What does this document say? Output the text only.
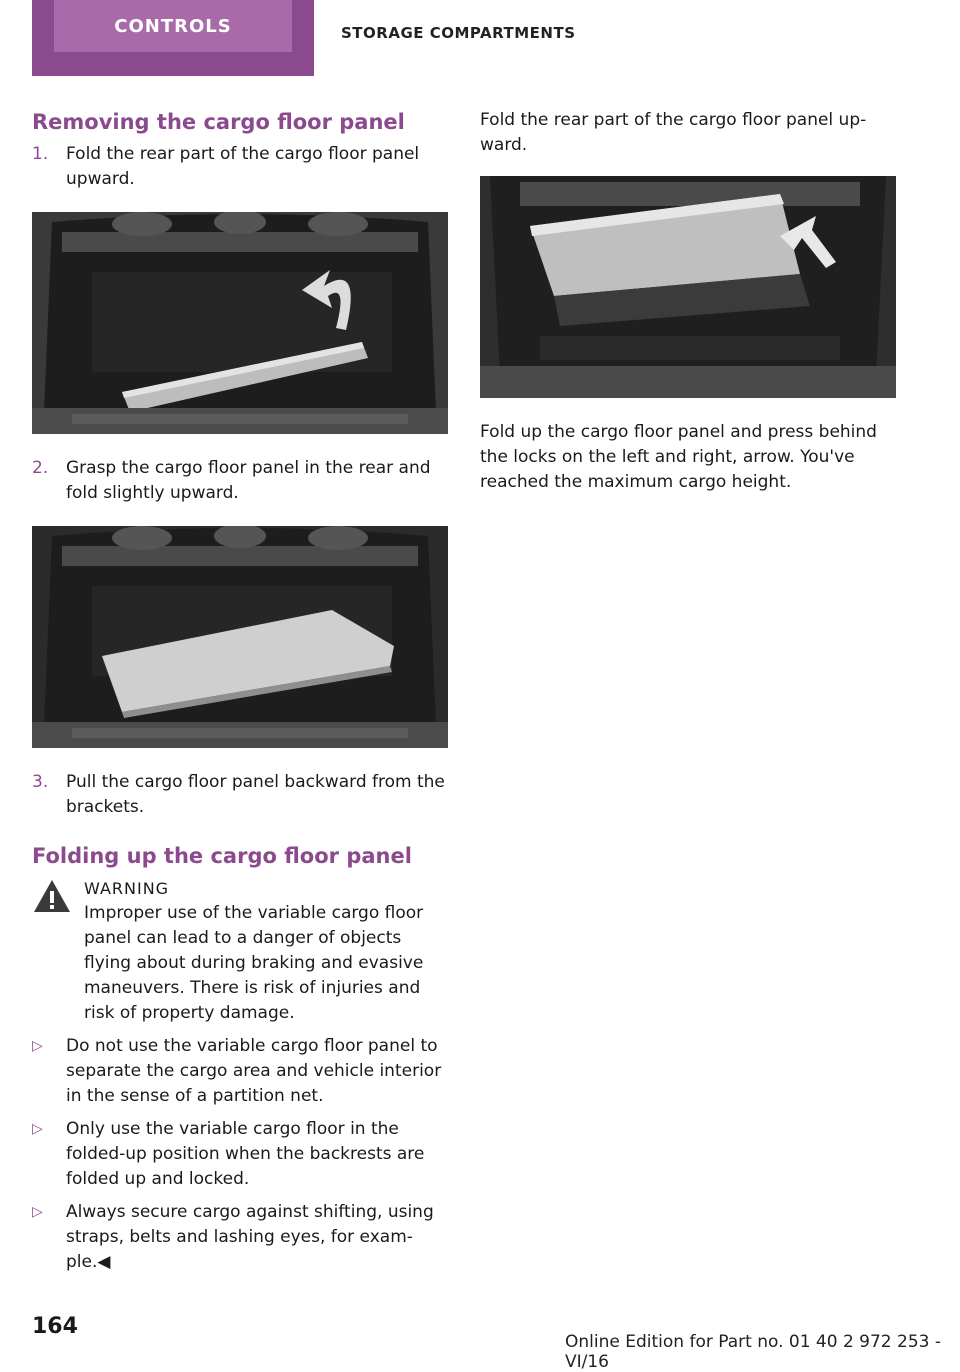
CONTROLS	STORAGE COMPARTMENTS
Removing the cargo floor panel
1.	Fold the rear part of the cargo floor panel upward.
2.	Grasp the cargo floor panel in the rear and fold slightly upward.
3.	Pull the cargo floor panel backward from the brackets.
Folding up the cargo floor panel
WARNING

Improper use of the variable cargo floor panel can lead to a danger of objects flying about during braking and evasive maneuvers. There is risk of injuries and risk of property damage.

▷	Do not use the variable cargo floor panel to separate the cargo area and vehicle interior in the sense of a partition net.
▷	Only use the variable cargo floor in the folded-up position when the backrests are folded up and locked.
▷	Always secure cargo against shifting, using straps, belts and lashing eyes, for exam-ple.◀

Fold the rear part of the cargo floor panel up-ward.

Fold up the cargo floor panel and press behind the locks on the left and right, arrow. You've reached the maximum cargo height.

164
Online Edition for Part no. 01 40 2 972 253 - VI/16
